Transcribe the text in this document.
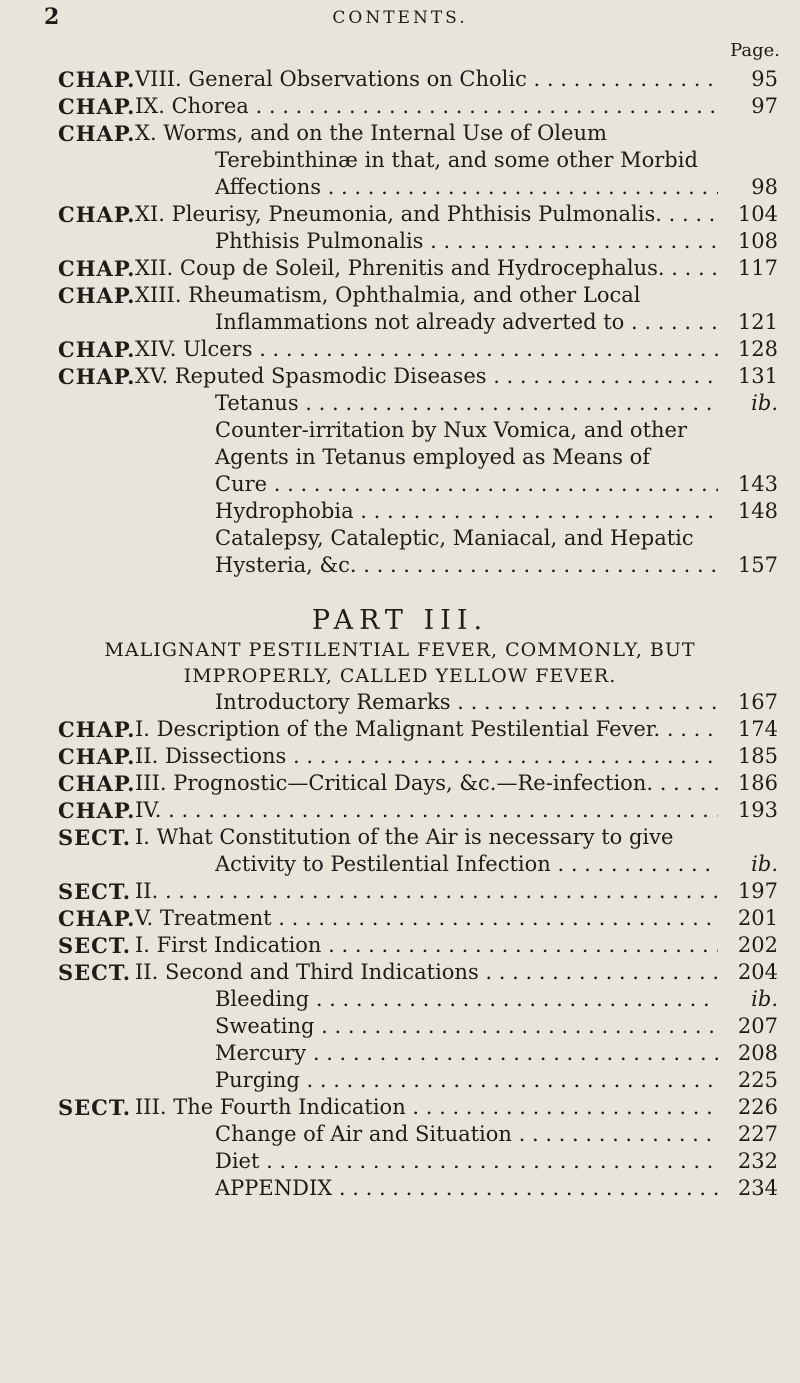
2	CONTENTS.
Page.
CHAP. VIII. General Observations on Cholic . . .	95
CHAP. IX. Chorea . . .	97
CHAP. X. Worms, and on the Internal Use of Oleum
Terebinthinæ in that, and some other Morbid
Affections . . .	98
CHAP. XI. Pleurisy, Pneumonia, and Phthisis Pulmonalis. . . .	104
Phthisis Pulmonalis . . .	108
CHAP. XII. Coup de Soleil, Phrenitis and Hydrocephalus. . . .	117
CHAP. XIII. Rheumatism, Ophthalmia, and other Local
Inflammations not already adverted to . . .	121
CHAP. XIV. Ulcers . . .	128
CHAP. XV. Reputed Spasmodic Diseases . . .	131
Tetanus . . .	ib.
Counter-irritation by Nux Vomica, and other
Agents in Tetanus employed as Means of
Cure . . .	143
Hydrophobia . . .	148
Catalepsy, Cataleptic, Maniacal, and Hepatic
Hysteria, &c. . . .	157
PART III.
MALIGNANT PESTILENTIAL FEVER, COMMONLY, BUT
IMPROPERLY, CALLED YELLOW FEVER.
Introductory Remarks . . .	167
CHAP. I. Description of the Malignant Pestilential Fever. . . .	174
CHAP. II. Dissections . . .	185
CHAP. III. Prognostic—Critical Days, &c.—Re-infection. . . .	186
CHAP. IV. . . .	193
SECT. I. What Constitution of the Air is necessary to give
Activity to Pestilential Infection . . .	ib.
SECT. II. . . .	197
CHAP. V. Treatment . . .	201
SECT. I. First Indication . . .	202
SECT. II. Second and Third Indications . . .	204
Bleeding . . .	ib.
Sweating . . .	207
Mercury . . .	208
Purging . . .	225
SECT. III. The Fourth Indication . . .	226
Change of Air and Situation . . .	227
Diet . . .	232
APPENDIX . . .	234
